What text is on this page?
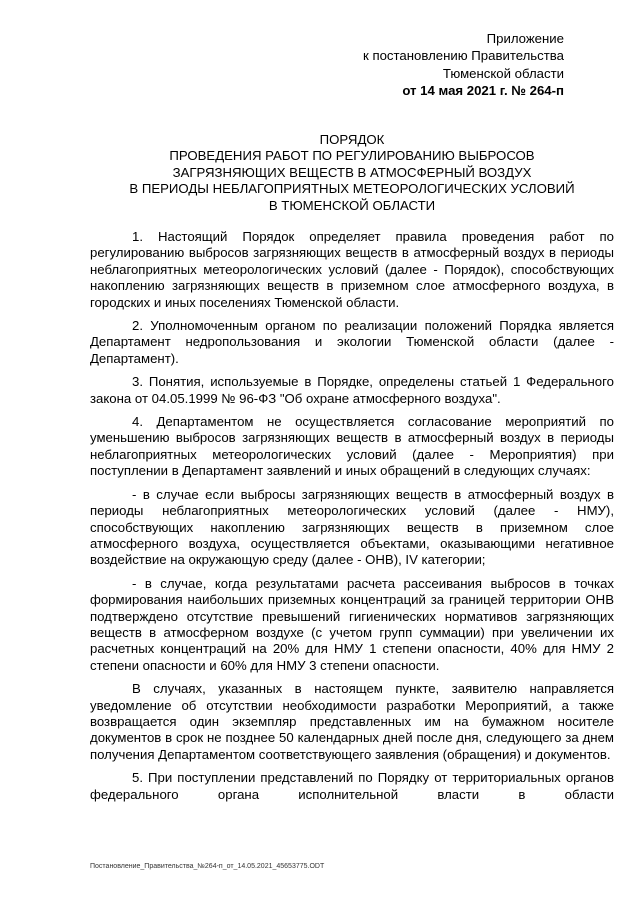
Приложение
к постановлению Правительства
Тюменской области
от 14 мая 2021 г. № 264-п
ПОРЯДОК
ПРОВЕДЕНИЯ РАБОТ ПО РЕГУЛИРОВАНИЮ ВЫБРОСОВ
ЗАГРЯЗНЯЮЩИХ ВЕЩЕСТВ В АТМОСФЕРНЫЙ ВОЗДУХ
В ПЕРИОДЫ НЕБЛАГОПРИЯТНЫХ МЕТЕОРОЛОГИЧЕСКИХ УСЛОВИЙ
В ТЮМЕНСКОЙ ОБЛАСТИ

1. Настоящий Порядок определяет правила проведения работ по регулированию выбросов загрязняющих веществ в атмосферный воздух в периоды неблагоприятных метеорологических условий (далее - Порядок), способствующих накоплению загрязняющих веществ в приземном слое атмосферного воздуха, в городских и иных поселениях Тюменской области.

2. Уполномоченным органом по реализации положений Порядка является Департамент недропользования и экологии Тюменской области (далее - Департамент).

3. Понятия, используемые в Порядке, определены статьей 1 Федерального закона от 04.05.1999 № 96-ФЗ "Об охране атмосферного воздуха".

4. Департаментом не осуществляется согласование мероприятий по уменьшению выбросов загрязняющих веществ в атмосферный воздух в периоды неблагоприятных метеорологических условий (далее - Мероприятия) при поступлении в Департамент заявлений и иных обращений в следующих случаях:

- в случае если выбросы загрязняющих веществ в атмосферный воздух в периоды неблагоприятных метеорологических условий (далее - НМУ), способствующих накоплению загрязняющих веществ в приземном слое атмосферного воздуха, осуществляется объектами, оказывающими негативное воздействие на окружающую среду (далее - ОНВ), IV категории;

- в случае, когда результатами расчета рассеивания выбросов в точках формирования наибольших приземных концентраций за границей территории ОНВ подтверждено отсутствие превышений гигиенических нормативов загрязняющих веществ в атмосферном воздухе (с учетом групп суммации) при увеличении их расчетных концентраций на 20% для НМУ 1 степени опасности, 40% для НМУ 2 степени опасности и 60% для НМУ 3 степени опасности.

В случаях, указанных в настоящем пункте, заявителю направляется уведомление об отсутствии необходимости разработки Мероприятий, а также возвращается один экземпляр представленных им на бумажном носителе документов в срок не позднее 50 календарных дней после дня, следующего за днем получения Департаментом соответствующего заявления (обращения) и документов.

5. При поступлении представлений по Порядку от территориальных органов федерального органа исполнительной власти в области

Постановление_Правительства_№264-п_от_14.05.2021_45653775.ODT
